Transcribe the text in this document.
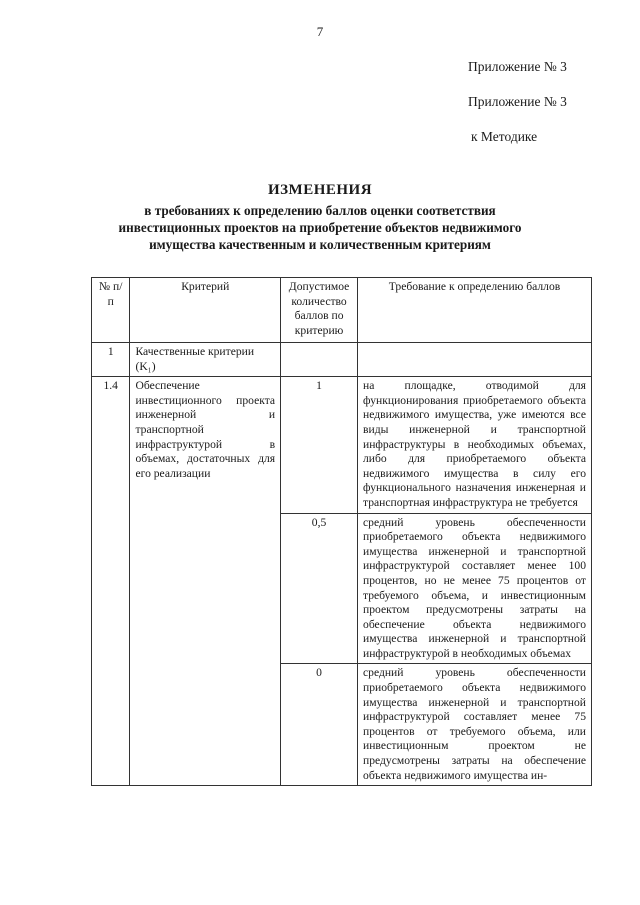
7
Приложение № 3
Приложение № 3
к Методике
ИЗМЕНЕНИЯ
в требованиях к определению баллов оценки соответствия
инвестиционных проектов на приобретение объектов недвижимого
имущества качественным и количественным критериям
№ п/п	Критерий	Допустимое количество баллов по критерию	Требование к определению баллов
1	Качественные критерии (K₁)		
1.4	Обеспечение инвестиционного проекта инженерной и транспортной инфраструктурой в объемах, достаточных для его реализации	1	на площадке, отводимой для функционирования приобретаемого объекта недвижимого имущества, уже имеются все виды инженерной и транспортной инфраструктуры в необходимых объемах, либо для приобретаемого объекта недвижимого имущества в силу его функционального назначения инженерная и транспортная инфраструктура не требуется
		0,5	средний уровень обеспеченности приобретаемого объекта недвижимого имущества инженерной и транспортной инфраструктурой составляет менее 100 процентов, но не менее 75 процентов от требуемого объема, и инвестиционным проектом предусмотрены затраты на обеспечение объекта недвижимого имущества инженерной и транспортной инфраструктурой в необходимых объемах
		0	средний уровень обеспеченности приобретаемого объекта недвижимого имущества инженерной и транспортной инфраструктурой составляет менее 75 процентов от требуемого объема, или инвестиционным проектом не предусмотрены затраты на обеспечение объекта недвижимого имущества ин-
